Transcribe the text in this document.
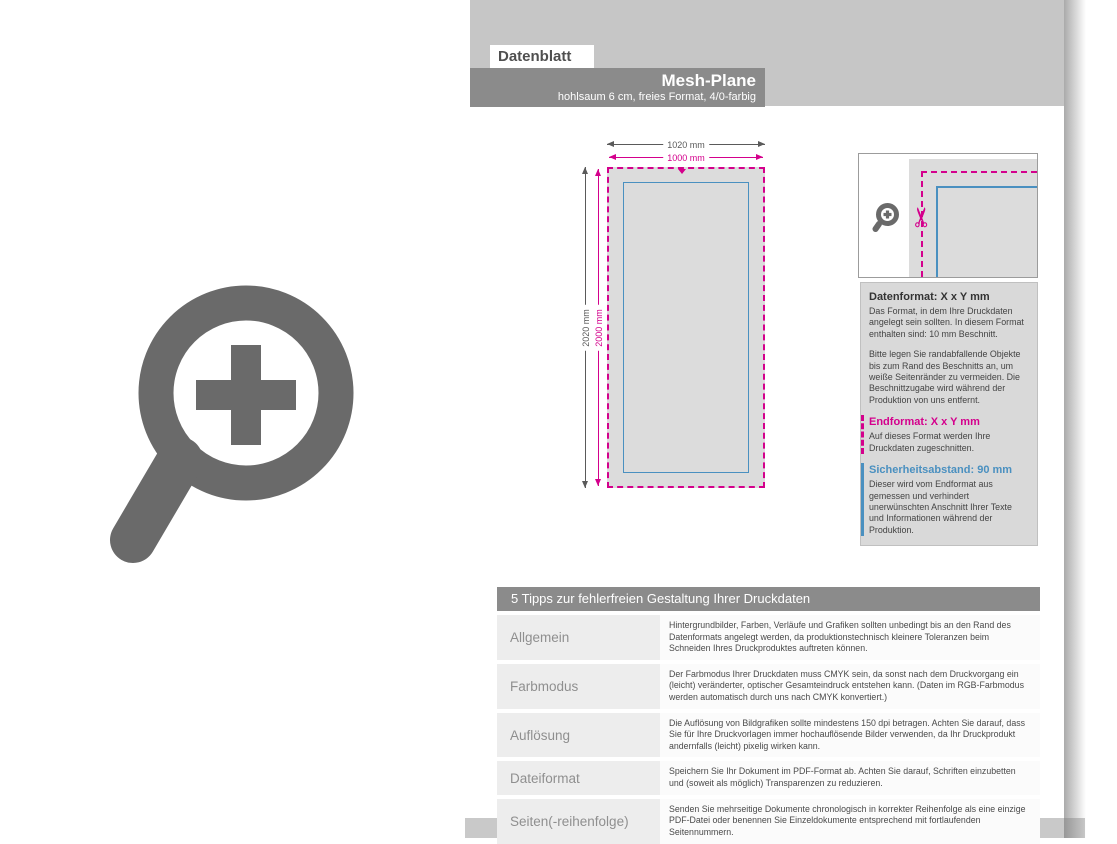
Datenblatt
Mesh-Plane
hohlsaum 6 cm, freies Format, 4/0-farbig
1020 mm
1000 mm
2020 mm 2000 mm
✂
Datenformat: X x Y mm
Das Format, in dem Ihre Druckdaten angelegt sein sollten. In diesem Format enthalten sind: 10 mm Beschnitt.
Bitte legen Sie randabfallende Objekte bis zum Rand des Beschnitts an, um weiße Seitenränder zu vermeiden. Die Beschnittzugabe wird während der Produktion von uns entfernt.
Endformat: X x Y mm
Auf dieses Format werden Ihre Druckdaten zugeschnitten.
Sicherheitsabstand: 90 mm
Dieser wird vom Endformat aus gemessen und verhindert unerwünschten Anschnitt Ihrer Texte und Informationen während der Produktion.
5 Tipps zur fehlerfreien Gestaltung Ihrer Druckdaten
Allgemein
Hintergrundbilder, Farben, Verläufe und Grafiken sollten unbedingt bis an den Rand des Datenformats angelegt werden, da produktionstechnisch kleinere Toleranzen beim Schneiden Ihres Druckproduktes auftreten können.
Farbmodus
Der Farbmodus Ihrer Druckdaten muss CMYK sein, da sonst nach dem Druckvorgang ein (leicht) veränderter, optischer Gesamteindruck entstehen kann. (Daten im RGB-Farbmodus werden automatisch durch uns nach CMYK konvertiert.)
Auflösung
Die Auflösung von Bildgrafiken sollte mindestens 150 dpi betragen. Achten Sie darauf, dass Sie für Ihre Druckvorlagen immer hochauflösende Bilder verwenden, da Ihr Druckprodukt andernfalls (leicht) pixelig wirken kann.
Dateiformat	Speichern Sie Ihr Dokument im PDF-Format ab. Achten Sie darauf, Schriften einzubetten und (soweit als möglich) Transparenzen zu reduzieren.
Seiten(-reihenfolge)
Senden Sie mehrseitige Dokumente chronologisch in korrekter Reihenfolge als eine einzige PDF-Datei oder benennen Sie Einzeldokumente entsprechend mit fortlaufenden Seitennummern.
